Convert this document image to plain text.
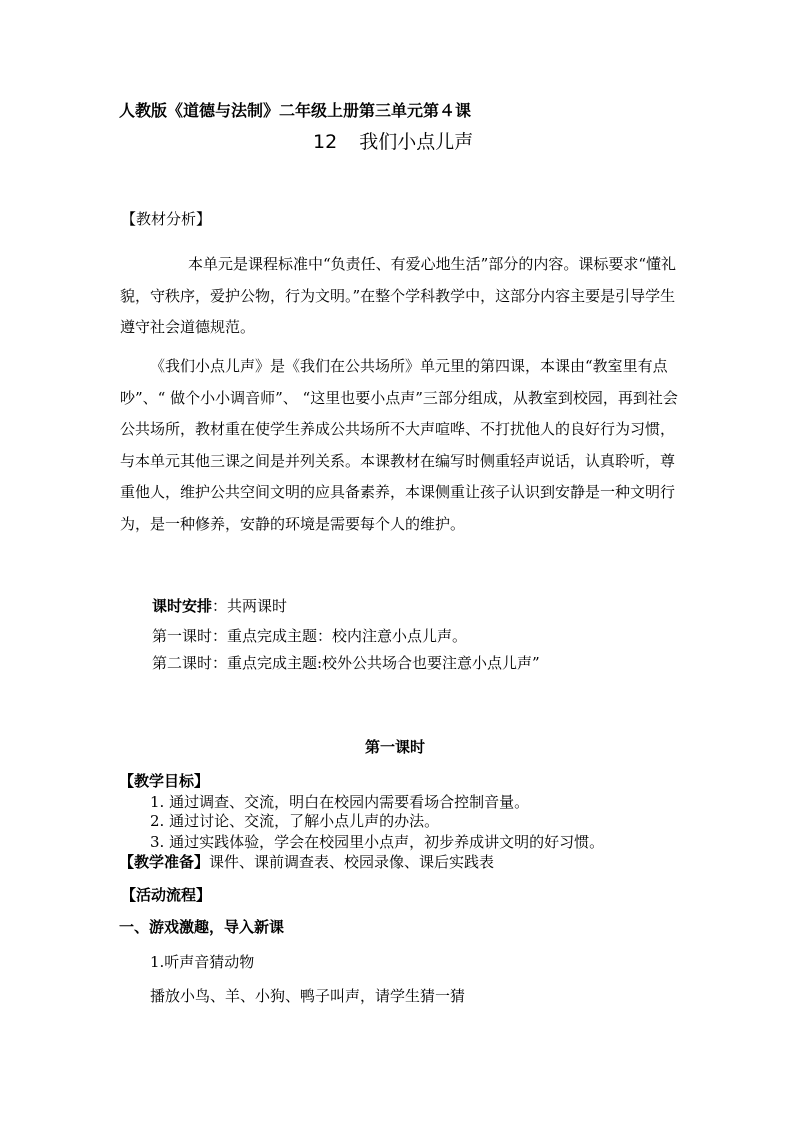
人教版《道德与法制》二年级上册第三单元第４课
12 我们小点儿声
【教材分析】
本单元是课程标准中“负责任、有爱心地生活”部分的内容。课标要求“懂礼貌，守秩序，爱护公物，行为文明。”在整个学科教学中，这部分内容主要是引导学生遵守社会道德规范。
《我们小点儿声》是《我们在公共场所》单元里的第四课，本课由“教室里有点吵”、“ 做个小小调音师”、 “这里也要小点声”三部分组成，从教室到校园，再到社会公共场所，教材重在使学生养成公共场所不大声喧哗、不打扰他人的良好行为习惯，与本单元其他三课之间是并列关系。本课教材在编写时侧重轻声说话，认真聆听，尊重他人，维护公共空间文明的应具备素养，本课侧重让孩子认识到安静是一种文明行为，是一种修养，安静的环境是需要每个人的维护。
课时安排：共两课时
第一课时：重点完成主题：校内注意小点儿声。
第二课时：重点完成主题:校外公共场合也要注意小点儿声”
第一课时
【教学目标】
1. 通过调查、交流，明白在校园内需要看场合控制音量。
2. 通过讨论、交流，了解小点儿声的办法。
3. 通过实践体验，学会在校园里小点声，初步养成讲文明的好习惯。
【教学准备】课件、课前调查表、校园录像、课后实践表
【活动流程】
一、游戏激趣，导入新课
1.听声音猜动物
播放小鸟、羊、小狗、鸭子叫声，请学生猜一猜
